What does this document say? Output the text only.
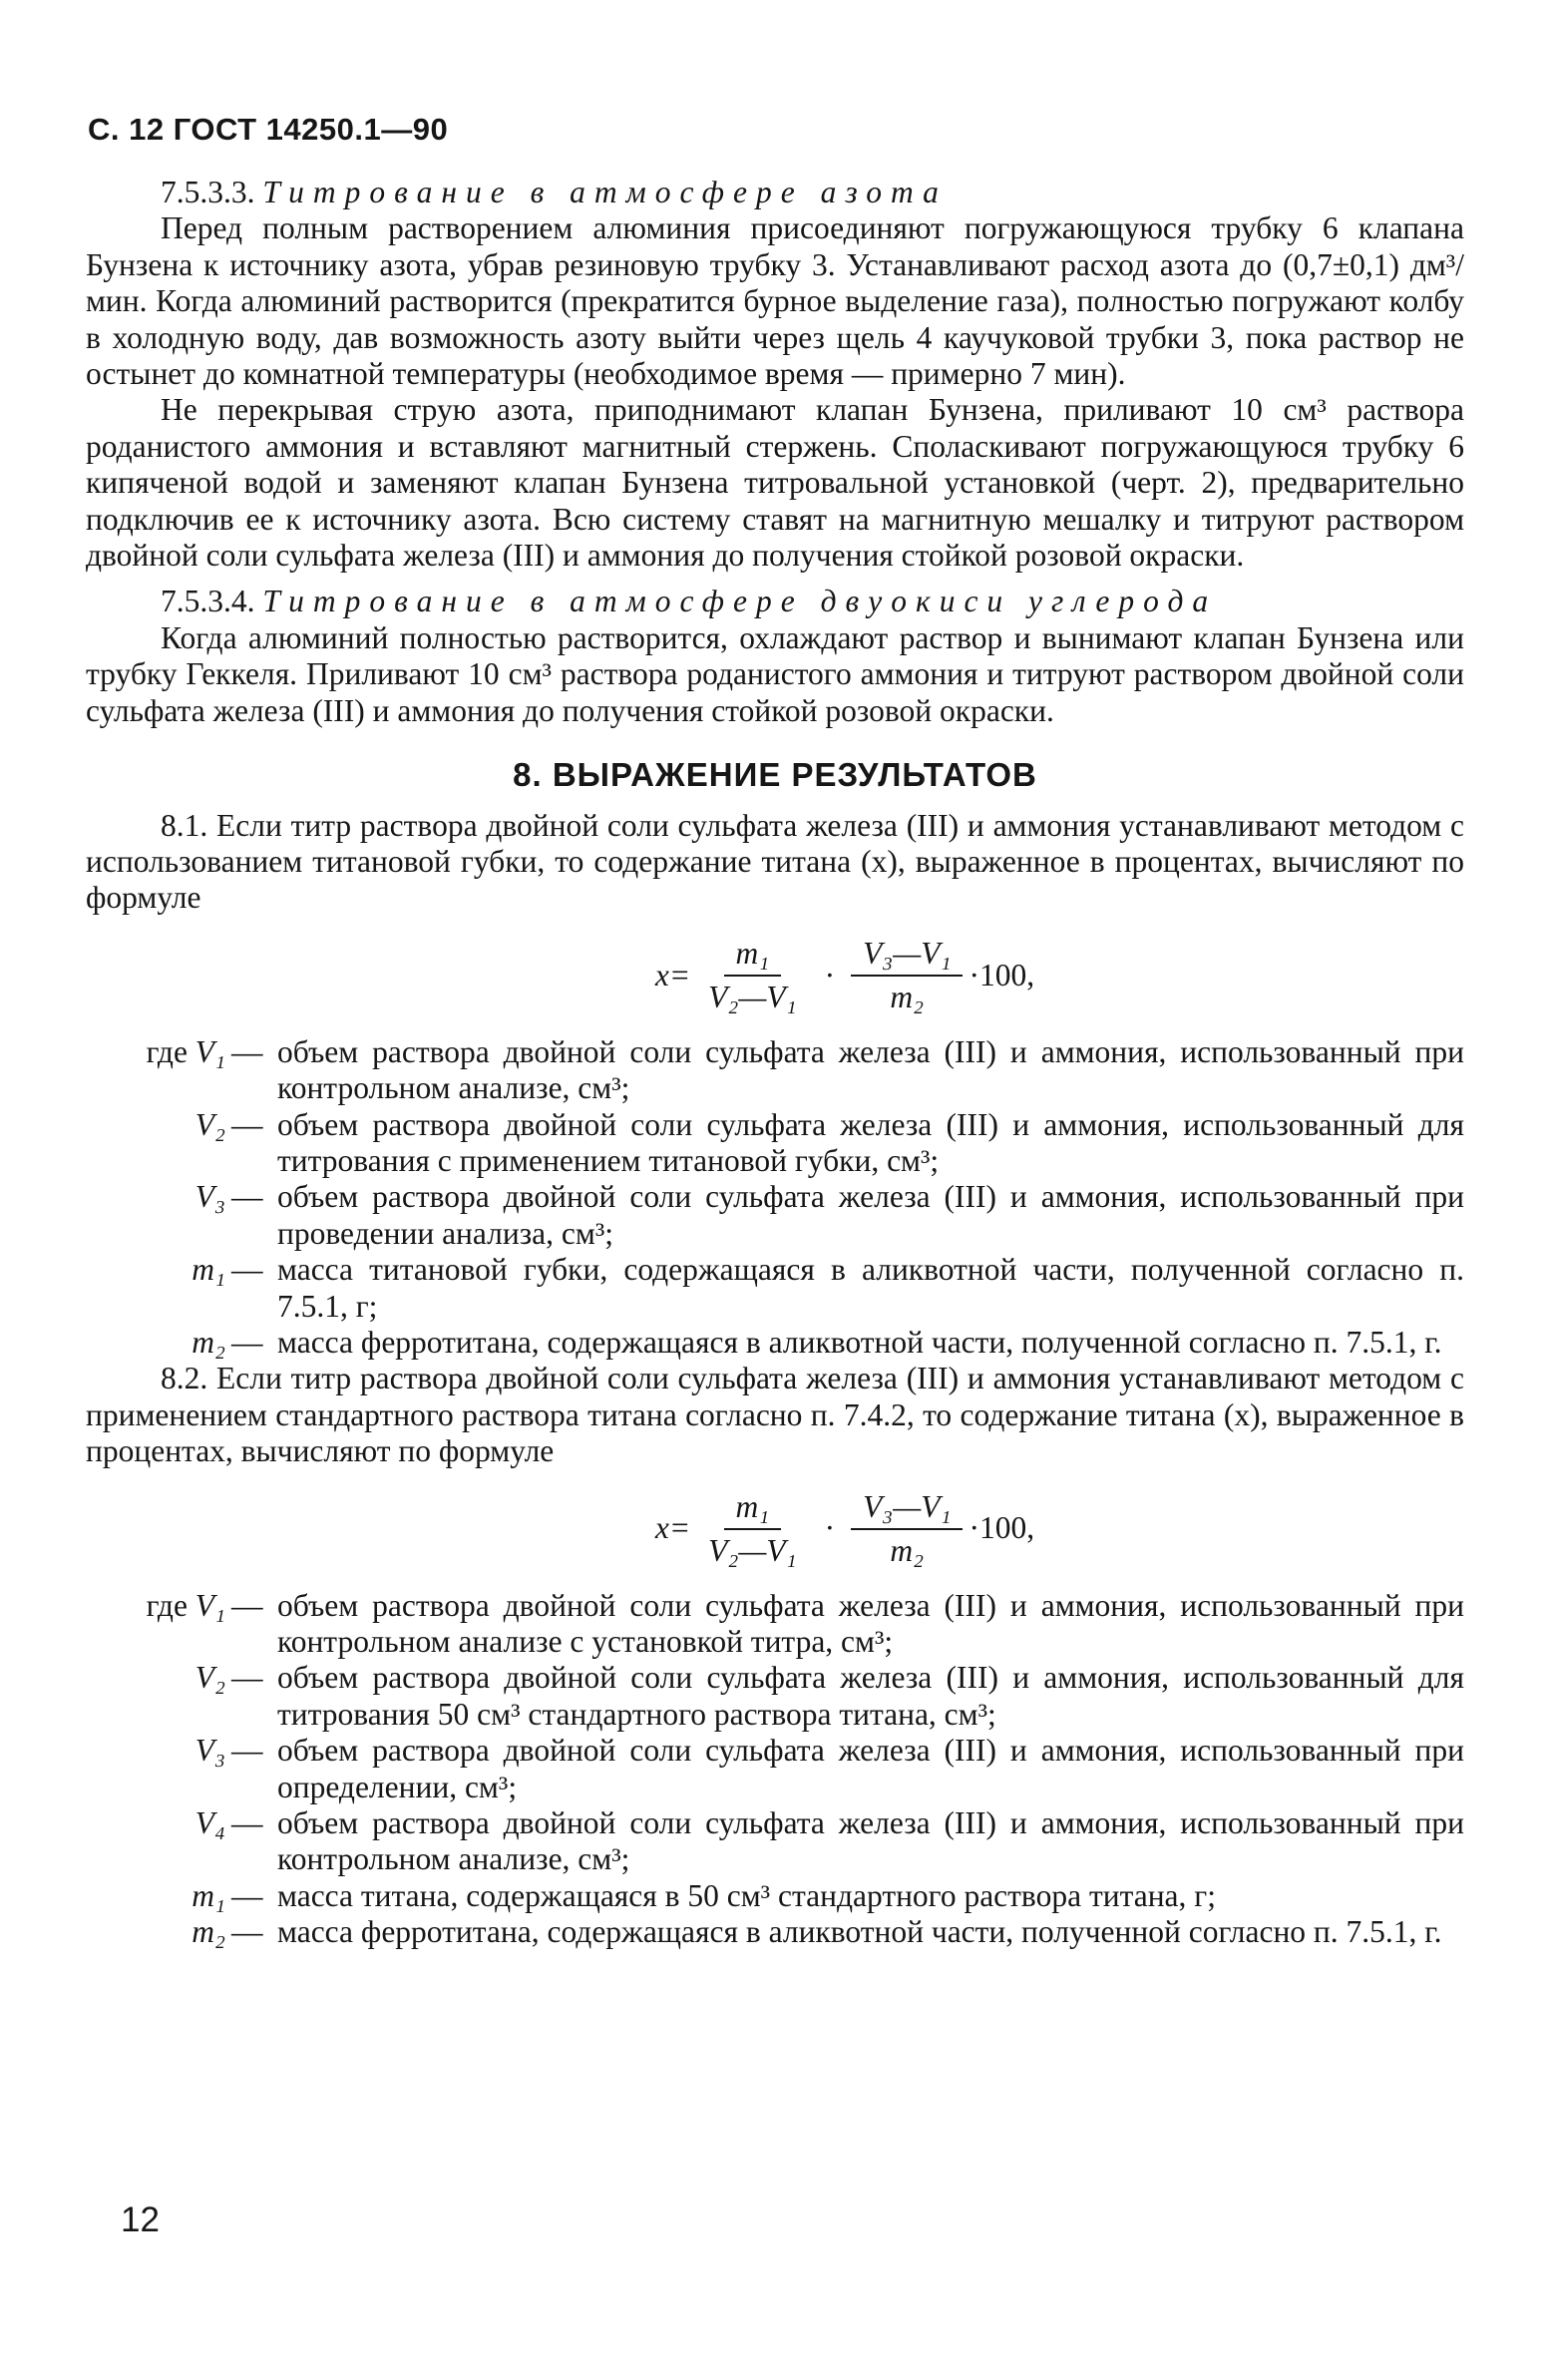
С. 12 ГОСТ 14250.1—90

7.5.3.3. Титрование в атмосфере азота

Перед полным растворением алюминия присоединяют погружающуюся трубку 6 клапана Бунзена к источнику азота, убрав резиновую трубку 3. Устанавливают расход азота до (0,7±0,1) дм³/мин. Когда алюминий растворится (прекратится бурное выделение газа), полностью погружают колбу в холодную воду, дав возможность азоту выйти через щель 4 каучуковой трубки 3, пока раствор не остынет до комнатной температуры (необходимое время — примерно 7 мин).

Не перекрывая струю азота, приподнимают клапан Бунзена, приливают 10 см³ раствора роданистого аммония и вставляют магнитный стержень. Споласкивают погружающуюся трубку 6 кипяченой водой и заменяют клапан Бунзена титровальной установкой (черт. 2), предварительно подключив ее к источнику азота. Всю систему ставят на магнитную мешалку и титруют раствором двойной соли сульфата железа (III) и аммония до получения стойкой розовой окраски.

7.5.3.4. Титрование в атмосфере двуокиси углерода

Когда алюминий полностью растворится, охлаждают раствор и вынимают клапан Бунзена или трубку Геккеля. Приливают 10 см³ раствора роданистого аммония и титруют раствором двойной соли сульфата железа (III) и аммония до получения стойкой розовой окраски.

8. ВЫРАЖЕНИЕ РЕЗУЛЬТАТОВ

8.1. Если титр раствора двойной соли сульфата железа (III) и аммония устанавливают методом с использованием титановой губки, то содержание титана (x), выраженное в процентах, вычисляют по формуле

$x= \frac{\text{m₁}}{\text{V₂—V₁}} \cdot \frac{\text{V₃—V₁}}{\text{m₂}} \cdot 100$,
где V₁	—	объем раствора двойной соли сульфата железа (III) и аммония, использованный при контрольном анализе, см³;
V₂	—	объем раствора двойной соли сульфата железа (III) и аммония, использованный для титрования с применением титановой губки, см³;
V₃	—	объем раствора двойной соли сульфата железа (III) и аммония, использованный при проведении анализа, см³;
m₁	—	масса титановой губки, содержащаяся в аликвотной части, полученной согласно п. 7.5.1, г;
m₂	—	масса ферротитана, содержащаяся в аликвотной части, полученной согласно п. 7.5.1, г.

8.2. Если титр раствора двойной соли сульфата железа (III) и аммония устанавливают методом с применением стандартного раствора титана согласно п. 7.4.2, то содержание титана (x), выраженное в процентах, вычисляют по формуле

$x= \frac{\text{m₁}}{\text{V₂—V₁}} \cdot \frac{\text{V₃—V₁}}{\text{m₂}} \cdot 100$,
где V₁	—	объем раствора двойной соли сульфата железа (III) и аммония, использованный при контрольном анализе с установкой титра, см³;
V₂	—	объем раствора двойной соли сульфата железа (III) и аммония, использованный для титрования 50 см³ стандартного раствора титана, см³;
V₃	—	объем раствора двойной соли сульфата железа (III) и аммония, использованный при определении, см³;
V₄	—	объем раствора двойной соли сульфата железа (III) и аммония, использованный при контрольном анализе, см³;
m₁	—	масса титана, содержащаяся в 50 см³ стандартного раствора титана, г;
m₂	—	масса ферротитана, содержащаяся в аликвотной части, полученной согласно п. 7.5.1, г.
12
